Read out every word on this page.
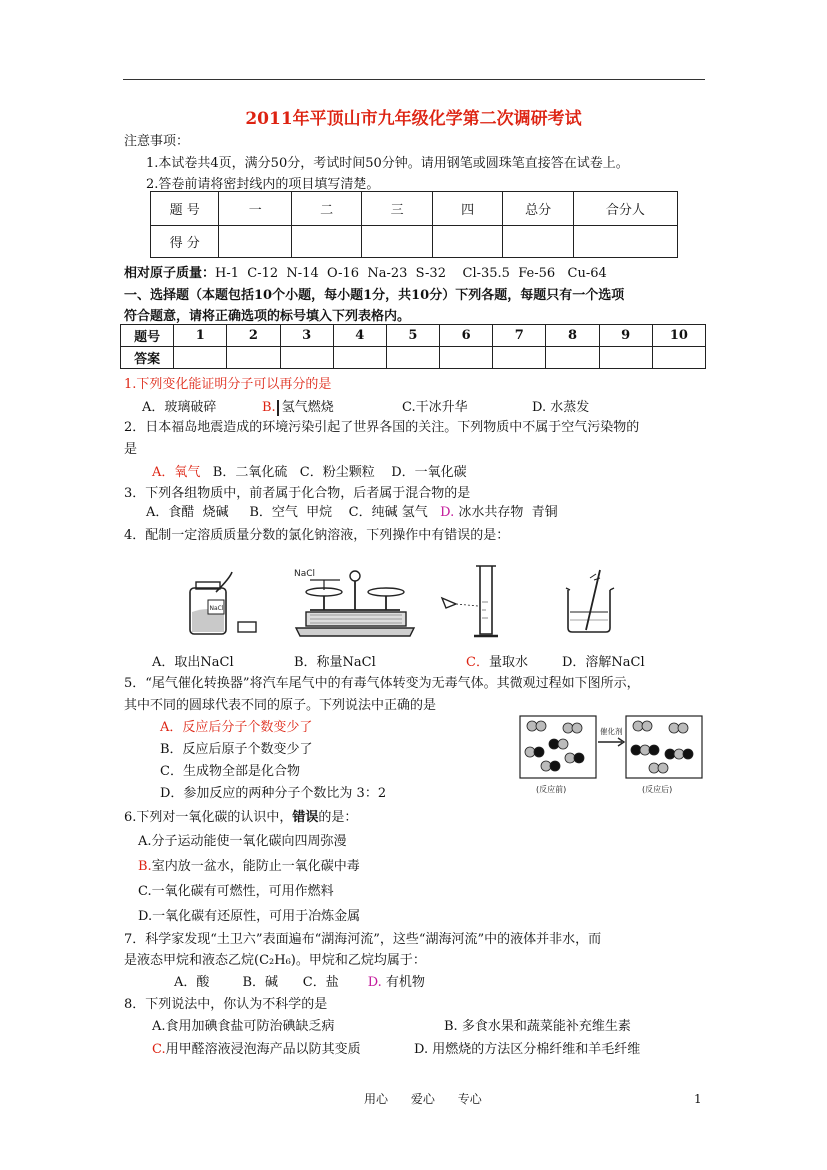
2011年平顶山市九年级化学第二次调研考试
注意事项：
1.本试卷共4页，满分50分，考试时间50分钟。请用钢笔或圆珠笔直接答在试卷上。
2.答卷前请将密封线内的项目填写清楚。
题 号	一	二	三	四	总分	合分人
得 分						
相对原子质量：H-1  C-12  N-14  O-16  Na-23  S-32    Cl-35.5  Fe-56   Cu-64
一、选择题（本题包括10个小题，每小题1分，共10分）下列各题，每题只有一个选项
符合题意，请将正确选项的标号填入下列表格内。
题号	1	2	3	4	5	6	7	8	9	10
答案										
1.下列变化能证明分子可以再分的是
A．玻璃破碎	B. 氢气燃烧	C.干冰升华	D. 水蒸发
2．日本福岛地震造成的环境污染引起了世界各国的关注。下列物质中不属于空气污染物的
是
A．氧气 B．二氧化硫   C．粉尘颗粒    D．一氧化碳
3．下列各组物质中，前者属于化合物，后者属于混合物的是
A．食醋  烧碱     B．空气  甲烷    C．纯碱 氢气 D. 冰水共存物  青铜
4．配制一定溶质质量分数的氯化钠溶液，下列操作中有错误的是：
NaCl
NaCl
A．取出NaCl	B．称量NaCl	C．量取水	D．溶解NaCl
5．“尾气催化转换器”将汽车尾气中的有毒气体转变为无毒气体。其微观过程如下图所示，
其中不同的圆球代表不同的原子。下列说法中正确的是
A．反应后分子个数变少了
B．反应后原子个数变少了
C．生成物全部是化合物
D．参加反应的两种分子个数比为 3：2
催化剂
(反应前)	(反应后)
6.下列对一氧化碳的认识中，错误的是：
A.分子运动能使一氧化碳向四周弥漫
B.室内放一盆水，能防止一氧化碳中毒
C.一氧化碳有可燃性，可用作燃料
D.一氧化碳有还原性，可用于冶炼金属
7．科学家发现“土卫六”表面遍布“湖海河流”，这些“湖海河流”中的液体并非水，而
是液态甲烷和液态乙烷(C₂H₆)。甲烷和乙烷均属于：
A．酸        B．碱      C．盐 D. 有机物
8．下列说法中，你认为不科学的是
A.食用加碘食盐可防治碘缺乏病	B. 多食水果和蔬菜能补充维生素
C.用甲醛溶液浸泡海产品以防其变质	D. 用燃烧的方法区分棉纤维和羊毛纤维
用心      爱心      专心	1
